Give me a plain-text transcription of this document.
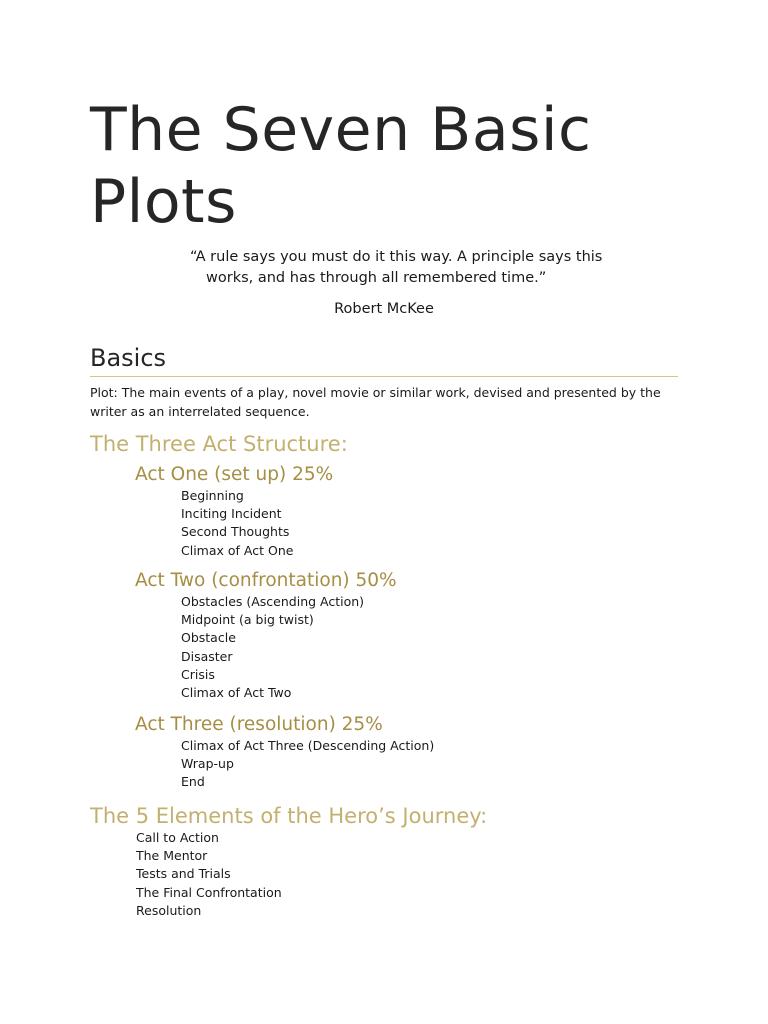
The Seven Basic
Plots
“A rule says you must do it this way. A principle says this
works, and has through all remembered time.”
Robert McKee
Basics

Plot: The main events of a play, novel movie or similar work, devised and presented by the writer as an interrelated sequence.

The Three Act Structure:
Act One (set up) 25%
Beginning
Inciting Incident
Second Thoughts
Climax of Act One
Act Two (confrontation) 50%
Obstacles (Ascending Action)
Midpoint (a big twist)
Obstacle
Disaster
Crisis
Climax of Act Two
Act Three (resolution) 25%
Climax of Act Three (Descending Action)
Wrap-up
End
The 5 Elements of the Hero’s Journey:
Call to Action
The Mentor
Tests and Trials
The Final Confrontation
Resolution
